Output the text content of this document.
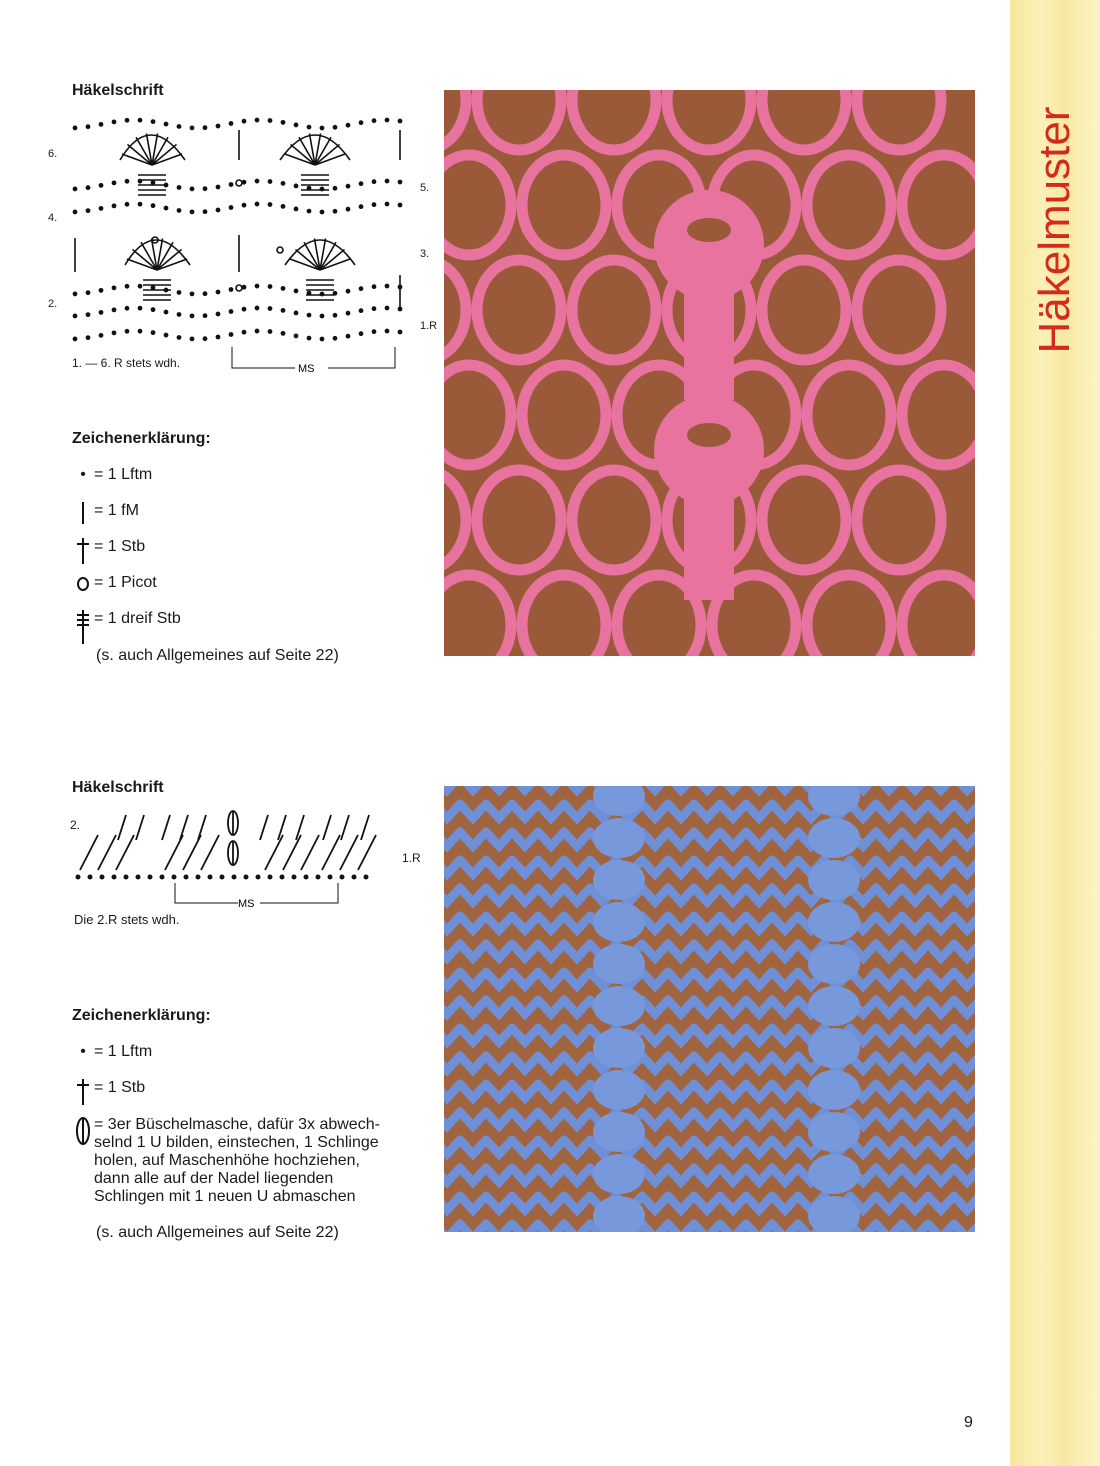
Häkelmuster
Häkelschrift
MS
6.
4.
2.
5.
3.
1.R
1. — 6. R stets wdh.
Zeichenerklärung:
• = 1 Lftm
= 1 fM
= 1 Stb
= 1 Picot
= 1 dreif Stb
(s. auch Allgemeines auf Seite 22)
Häkelschrift
MS
2.
1.R
Die 2.R stets wdh.
Zeichenerklärung:
• = 1 Lftm
= 1 Stb
= 3er Büschelmasche, dafür 3x abwech-
selnd 1 U bilden, einstechen, 1 Schlinge
holen, auf Maschenhöhe hochziehen,
dann alle auf der Nadel liegenden
Schlingen mit 1 neuen U abmaschen
(s. auch Allgemeines auf Seite 22)
9
